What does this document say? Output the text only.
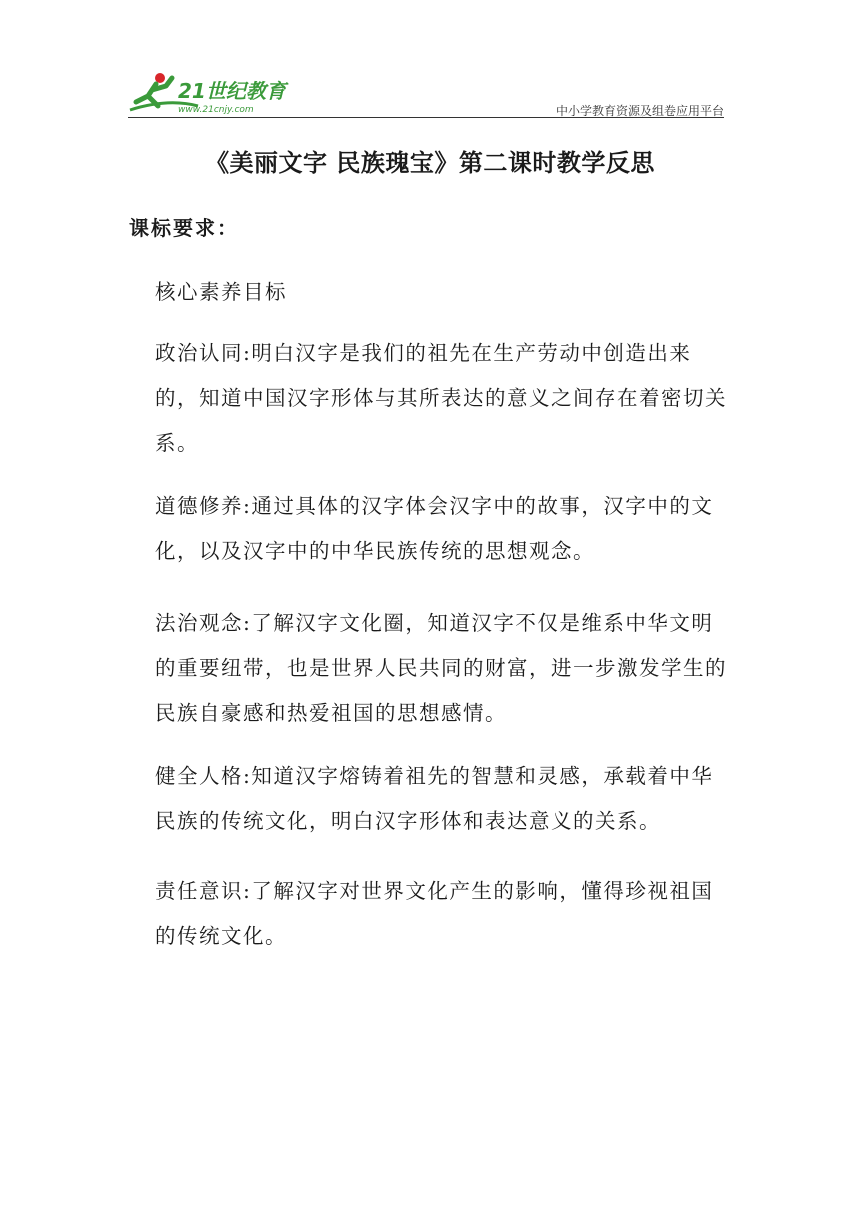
21世纪教育
www.21cnjy.com	中小学教育资源及组卷应用平台
《美丽文字 民族瑰宝》第二课时教学反思
课标要求：

核心素养目标

政治认同:明白汉字是我们的祖先在生产劳动中创造出来的，知道中国汉字形体与其所表达的意义之间存在着密切关系。

道德修养:通过具体的汉字体会汉字中的故事，汉字中的文化，以及汉字中的中华民族传统的思想观念。

法治观念:了解汉字文化圈，知道汉字不仅是维系中华文明的重要纽带，也是世界人民共同的财富，进一步激发学生的民族自豪感和热爱祖国的思想感情。

健全人格:知道汉字熔铸着祖先的智慧和灵感，承载着中华民族的传统文化，明白汉字形体和表达意义的关系。

责任意识:了解汉字对世界文化产生的影响，懂得珍视祖国的传统文化。
